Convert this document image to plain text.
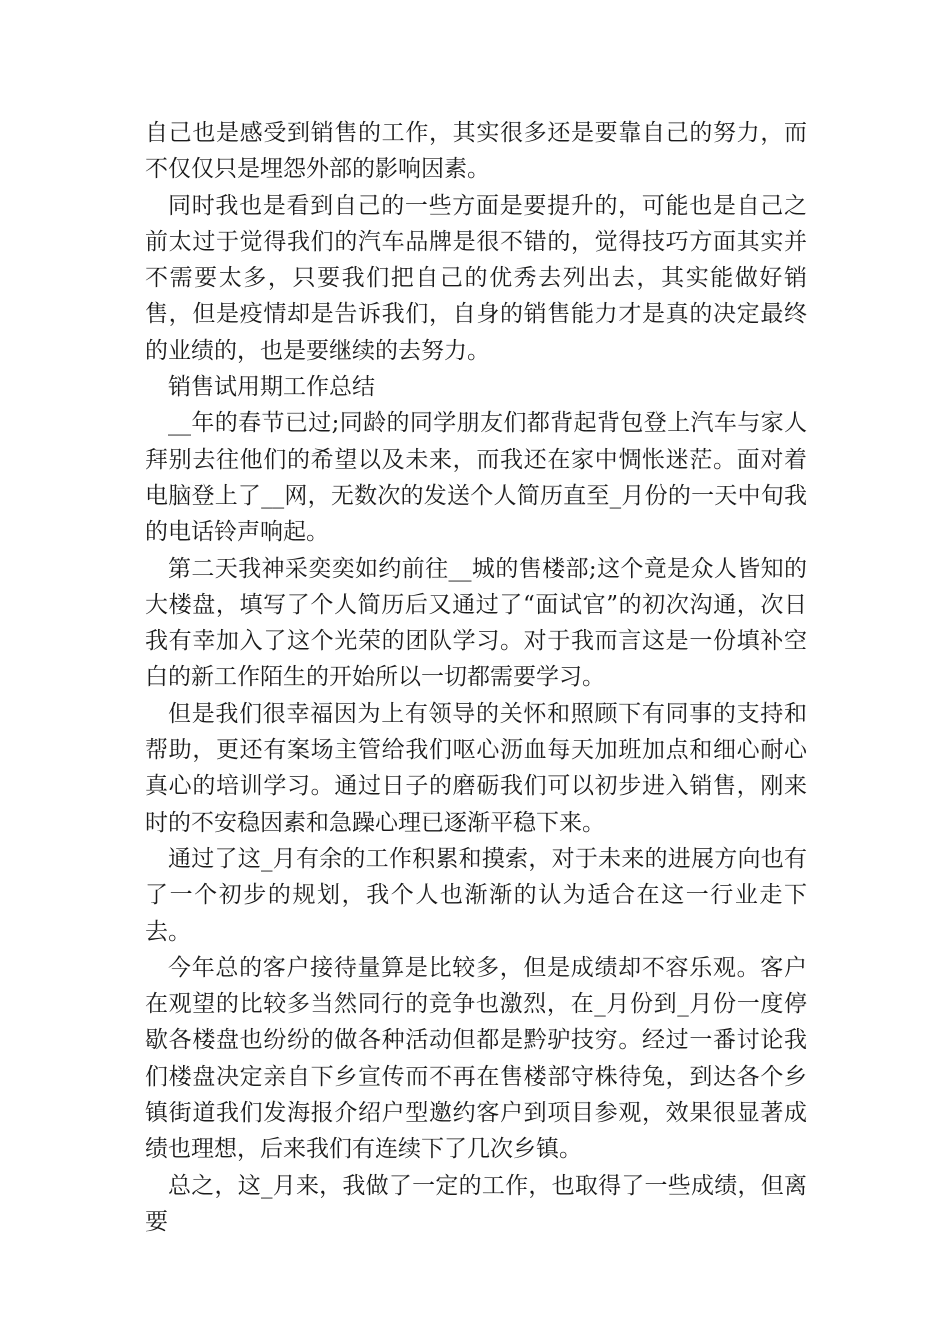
自己也是感受到销售的工作，其实很多还是要靠自己的努力，而不仅仅只是埋怨外部的影响因素。

同时我也是看到自己的一些方面是要提升的，可能也是自己之前太过于觉得我们的汽车品牌是很不错的，觉得技巧方面其实并不需要太多，只要我们把自己的优秀去列出去，其实能做好销售，但是疫情却是告诉我们，自身的销售能力才是真的决定最终的业绩的，也是要继续的去努力。

销售试用期工作总结

__年的春节已过;同龄的同学朋友们都背起背包登上汽车与家人拜别去往他们的希望以及未来，而我还在家中惆怅迷茫。面对着电脑登上了__网，无数次的发送个人简历直至_月份的一天中旬我的电话铃声响起。

第二天我神采奕奕如约前往__城的售楼部;这个竟是众人皆知的大楼盘，填写了个人简历后又通过了“面试官”的初次沟通，次日我有幸加入了这个光荣的团队学习。对于我而言这是一份填补空白的新工作陌生的开始所以一切都需要学习。

但是我们很幸福因为上有领导的关怀和照顾下有同事的支持和帮助，更还有案场主管给我们呕心沥血每天加班加点和细心耐心真心的培训学习。通过日子的磨砺我们可以初步进入销售，刚来时的不安稳因素和急躁心理已逐渐平稳下来。

通过了这_月有余的工作积累和摸索，对于未来的进展方向也有了一个初步的规划，我个人也渐渐的认为适合在这一行业走下去。

今年总的客户接待量算是比较多，但是成绩却不容乐观。客户在观望的比较多当然同行的竞争也激烈，在_月份到_月份一度停歇各楼盘也纷纷的做各种活动但都是黔驴技穷。经过一番讨论我们楼盘决定亲自下乡宣传而不再在售楼部守株待兔，到达各个乡镇街道我们发海报介绍户型邀约客户到项目参观，效果很显著成绩也理想，后来我们有连续下了几次乡镇。

总之，这_月来，我做了一定的工作，也取得了一些成绩，但离要
